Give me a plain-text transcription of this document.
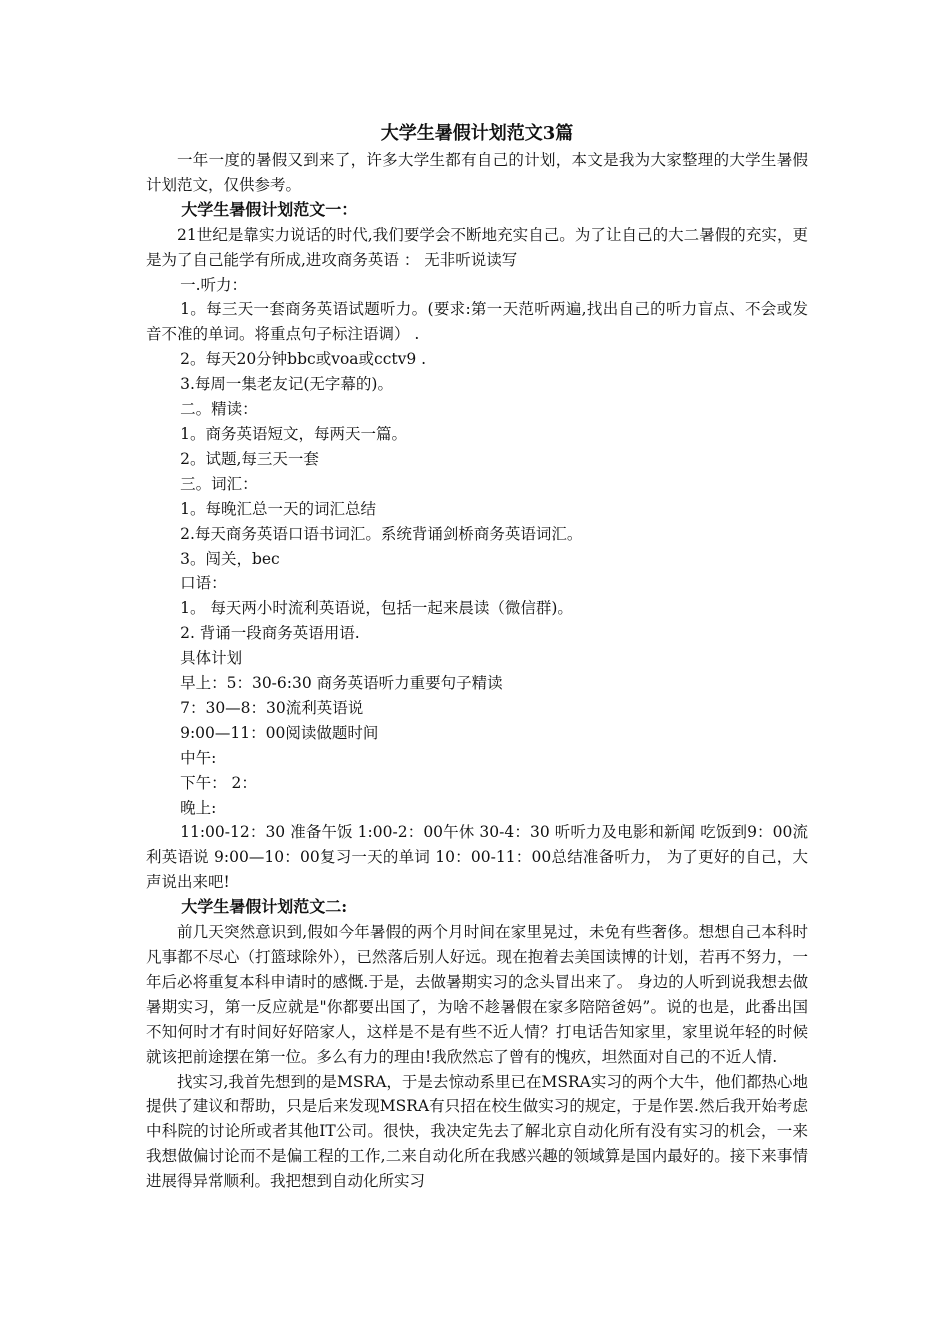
大学生暑假计划范文3篇

一年一度的暑假又到来了，许多大学生都有自己的计划，本文是我为大家整理的大学生暑假计划范文，仅供参考。

大学生暑假计划范文一：

21世纪是靠实力说话的时代,我们要学会不断地充实自己。为了让自己的大二暑假的充实，更是为了自己能学有所成,进攻商务英语 ： 无非听说读写

一.听力：

1。每三天一套商务英语试题听力。(要求:第一天范听两遍,找出自己的听力盲点、不会或发音不准的单词。将重点句子标注语调） .

2。每天20分钟bbc或voa或cctv9 .

3.每周一集老友记(无字幕的)。

二。精读：

1。商务英语短文，每两天一篇。

2。试题,每三天一套

三。词汇：

1。每晚汇总一天的词汇总结

2.每天商务英语口语书词汇。系统背诵剑桥商务英语词汇。

3。闯关，bec

口语：

1。 每天两小时流利英语说，包括一起来晨读（微信群)。

2. 背诵一段商务英语用语.

具体计划

早上：5：30-6:30 商务英语听力重要句子精读

7：30—8：30流利英语说

9:00—11：00阅读做题时间

中午:

下午： 2：

晚上:

11:00-12：30 准备午饭 1:00-2：00午休 30-4：30 听听力及电影和新闻 吃饭到9：00流利英语说 9:00—10：00复习一天的单词 10：00-11：00总结准备听力， 为了更好的自己，大声说出来吧!

大学生暑假计划范文二:

前几天突然意识到,假如今年暑假的两个月时间在家里晃过，未免有些奢侈。想想自己本科时凡事都不尽心（打篮球除外），已然落后别人好远。现在抱着去美国读博的计划，若再不努力，一年后必将重复本科申请时的感慨.于是，去做暑期实习的念头冒出来了。 身边的人听到说我想去做暑期实习，第一反应就是"你都要出国了，为啥不趁暑假在家多陪陪爸妈”。说的也是，此番出国不知何时才有时间好好陪家人，这样是不是有些不近人情？打电话告知家里，家里说年轻的时候就该把前途摆在第一位。多么有力的理由!我欣然忘了曾有的愧疚，坦然面对自己的不近人情.

找实习,我首先想到的是MSRA，于是去惊动系里已在MSRA实习的两个大牛，他们都热心地提供了建议和帮助，只是后来发现MSRA有只招在校生做实习的规定，于是作罢.然后我开始考虑中科院的讨论所或者其他IT公司。很快，我决定先去了解北京自动化所有没有实习的机会，一来我想做偏讨论而不是偏工程的工作,二来自动化所在我感兴趣的领域算是国内最好的。接下来事情进展得异常顺利。我把想到自动化所实习
